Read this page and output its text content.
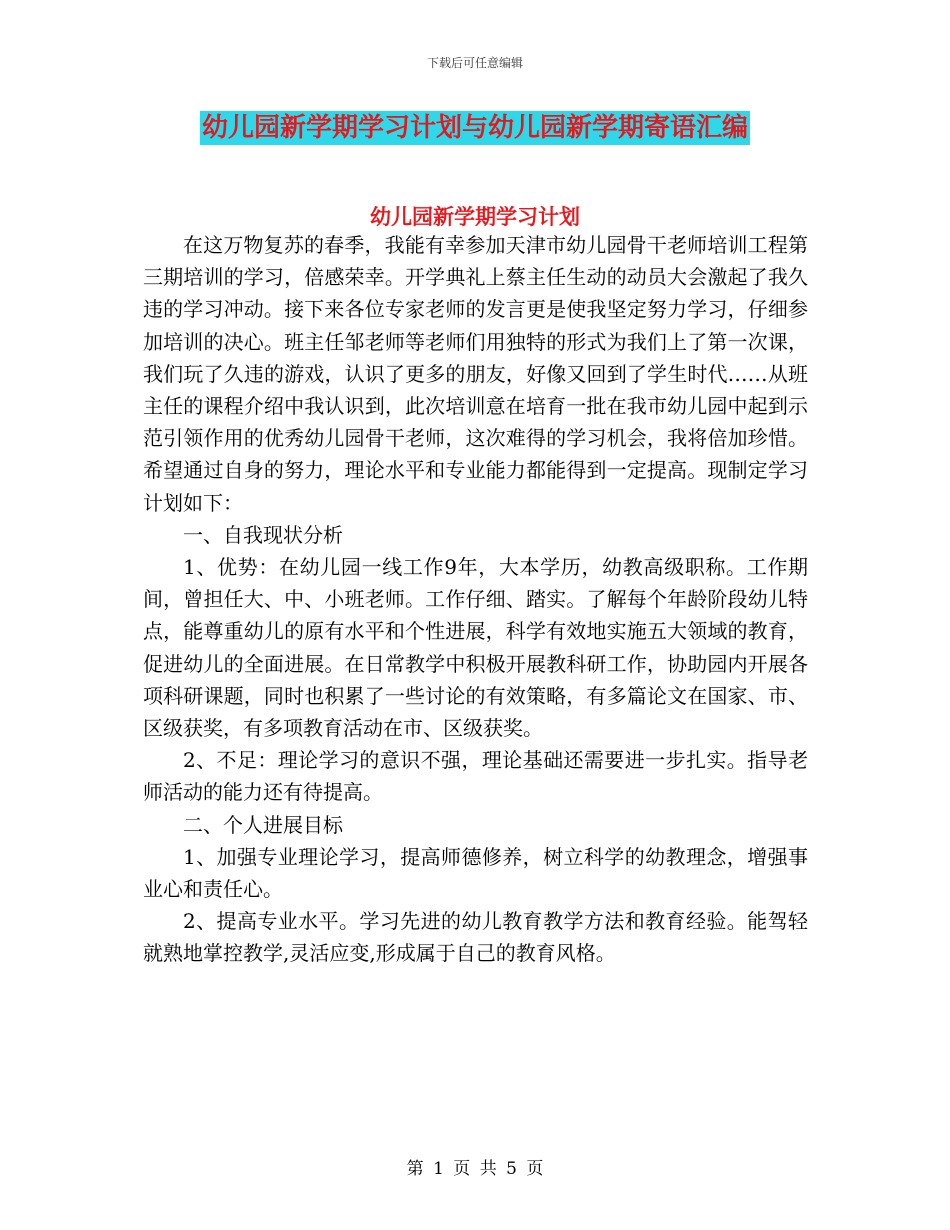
下载后可任意编辑
幼儿园新学期学习计划与幼儿园新学期寄语汇编
幼儿园新学期学习计划

在这万物复苏的春季，我能有幸参加天津市幼儿园骨干老师培训工程第三期培训的学习，倍感荣幸。开学典礼上蔡主任生动的动员大会激起了我久违的学习冲动。接下来各位专家老师的发言更是使我坚定努力学习，仔细参加培训的决心。班主任邹老师等老师们用独特的形式为我们上了第一次课，我们玩了久违的游戏，认识了更多的朋友，好像又回到了学生时代……从班主任的课程介绍中我认识到，此次培训意在培育一批在我市幼儿园中起到示范引领作用的优秀幼儿园骨干老师，这次难得的学习机会，我将倍加珍惜。希望通过自身的努力，理论水平和专业能力都能得到一定提高。现制定学习计划如下：

一、自我现状分析

1、优势：在幼儿园一线工作9年，大本学历，幼教高级职称。工作期间，曾担任大、中、小班老师。工作仔细、踏实。了解每个年龄阶段幼儿特点，能尊重幼儿的原有水平和个性进展，科学有效地实施五大领域的教育，促进幼儿的全面进展。在日常教学中积极开展教科研工作，协助园内开展各项科研课题，同时也积累了一些讨论的有效策略，有多篇论文在国家、市、区级获奖，有多项教育活动在市、区级获奖。

2、不足：理论学习的意识不强，理论基础还需要进一步扎实。指导老师活动的能力还有待提高。

二、个人进展目标

1、加强专业理论学习，提高师德修养，树立科学的幼教理念，增强事业心和责任心。

2、提高专业水平。学习先进的幼儿教育教学方法和教育经验。能驾轻就熟地掌控教学,灵活应变,形成属于自己的教育风格。

第 1 页 共 5 页
